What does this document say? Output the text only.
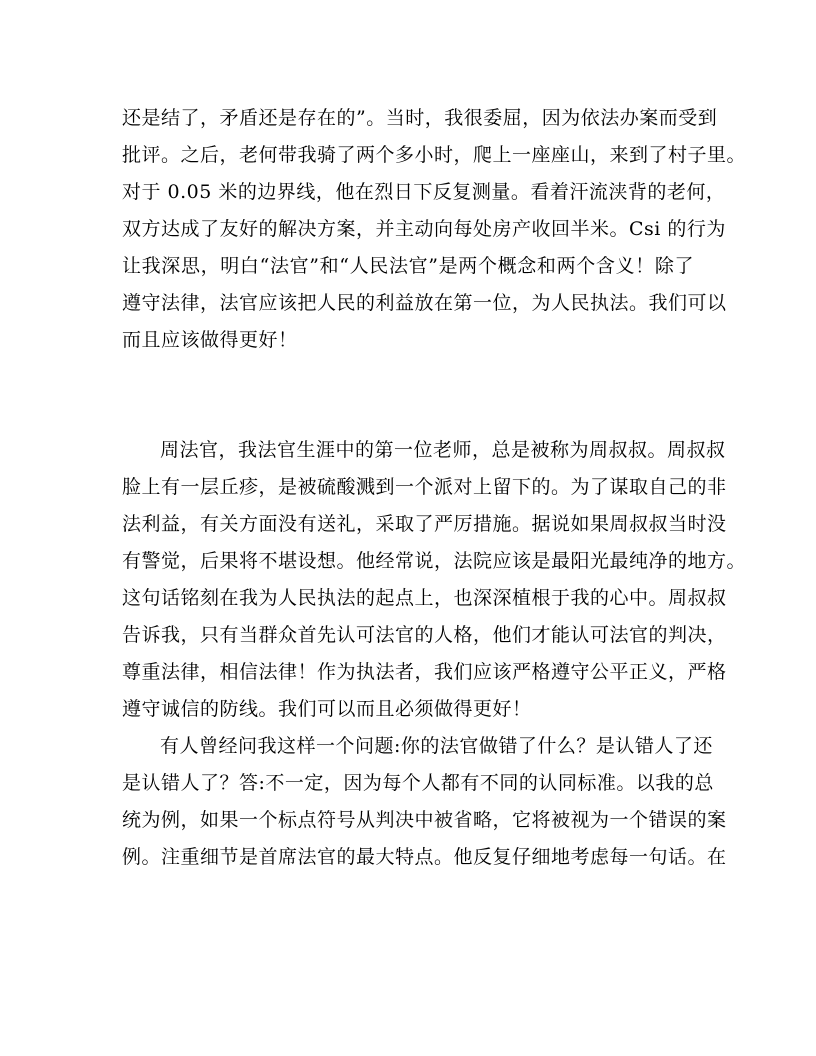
还是结了，矛盾还是存在的”。当时，我很委屈，因为依法办案而受到
批评。之后，老何带我骑了两个多小时，爬上一座座山，来到了村子里。
对于 0.05 米的边界线，他在烈日下反复测量。看着汗流浃背的老何，
双方达成了友好的解决方案，并主动向每处房产收回半米。Csi 的行为
让我深思，明白“法官”和“人民法官”是两个概念和两个含义！除了
遵守法律，法官应该把人民的利益放在第一位，为人民执法。我们可以
而且应该做得更好！
周法官，我法官生涯中的第一位老师，总是被称为周叔叔。周叔叔
脸上有一层丘疹，是被硫酸溅到一个派对上留下的。为了谋取自己的非
法利益，有关方面没有送礼，采取了严厉措施。据说如果周叔叔当时没
有警觉，后果将不堪设想。他经常说，法院应该是最阳光最纯净的地方。
这句话铭刻在我为人民执法的起点上，也深深植根于我的心中。周叔叔
告诉我，只有当群众首先认可法官的人格，他们才能认可法官的判决，
尊重法律，相信法律！作为执法者，我们应该严格遵守公平正义，严格
遵守诚信的防线。我们可以而且必须做得更好！
有人曾经问我这样一个问题:你的法官做错了什么？是认错人了还
是认错人了？答:不一定，因为每个人都有不同的认同标准。以我的总
统为例，如果一个标点符号从判决中被省略，它将被视为一个错误的案
例。注重细节是首席法官的最大特点。他反复仔细地考虑每一句话。在
